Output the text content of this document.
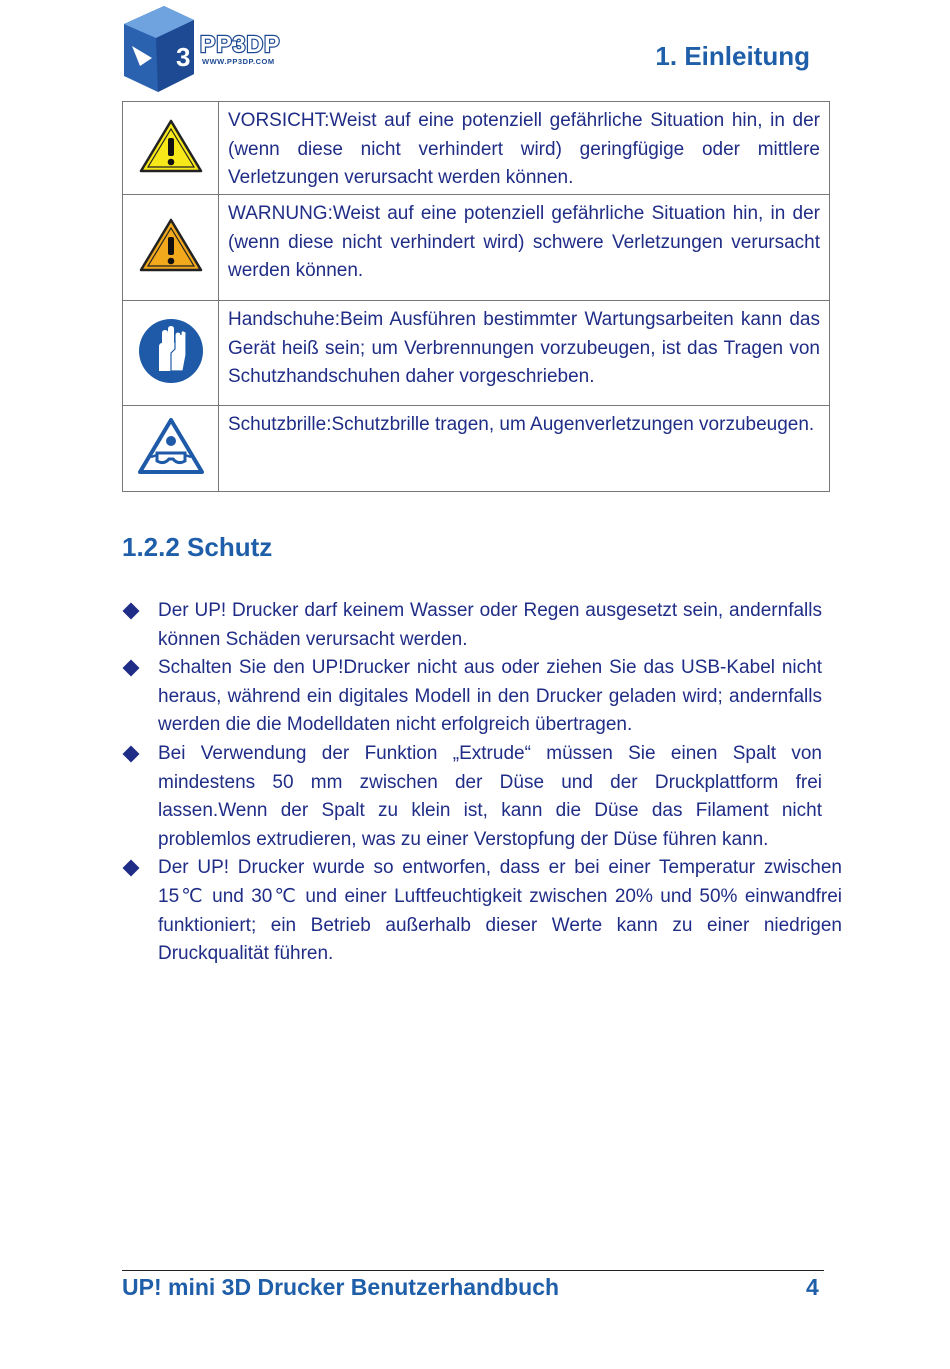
3 PP3DP
WWW.PP3DP.COM	1. Einleitung
	VORSICHT:Weist auf eine potenziell gefährliche Situation hin, in der (wenn diese nicht verhindert wird) geringfügige oder mittlere Verletzungen verursacht werden können.
	WARNUNG:Weist auf eine potenziell gefährliche Situation hin, in der (wenn diese nicht verhindert wird) schwere Verletzungen verursacht werden können.
	Handschuhe:Beim Ausführen bestimmter Wartungsarbeiten kann das Gerät heiß sein; um Verbrennungen vorzubeugen, ist das Tragen von Schutzhandschuhen daher vorgeschrieben.
	Schutzbrille:Schutzbrille tragen, um Augenverletzungen vorzubeugen.
1.2.2 Schutz
Der UP! Drucker darf keinem Wasser oder Regen ausgesetzt sein, andernfalls können Schäden verursacht werden.
Schalten Sie den UP!Drucker nicht aus oder ziehen Sie das USB-Kabel nicht heraus, während ein digitales Modell in den Drucker geladen wird; andernfalls werden die die Modelldaten nicht erfolgreich übertragen.
Bei Verwendung der Funktion „Extrude“ müssen Sie einen Spalt von mindestens 50 mm zwischen der Düse und der Druckplattform frei lassen.Wenn der Spalt zu klein ist, kann die Düse das Filament nicht problemlos extrudieren, was zu einer Verstopfung der Düse führen kann.
Der UP! Drucker wurde so entworfen, dass er bei einer Temperatur zwischen 15℃ und 30℃ und einer Luftfeuchtigkeit zwischen 20% und 50% einwandfrei funktioniert; ein Betrieb außerhalb dieser Werte kann zu einer niedrigen Druckqualität führen.
UP! mini 3D Drucker Benutzerhandbuch	4
